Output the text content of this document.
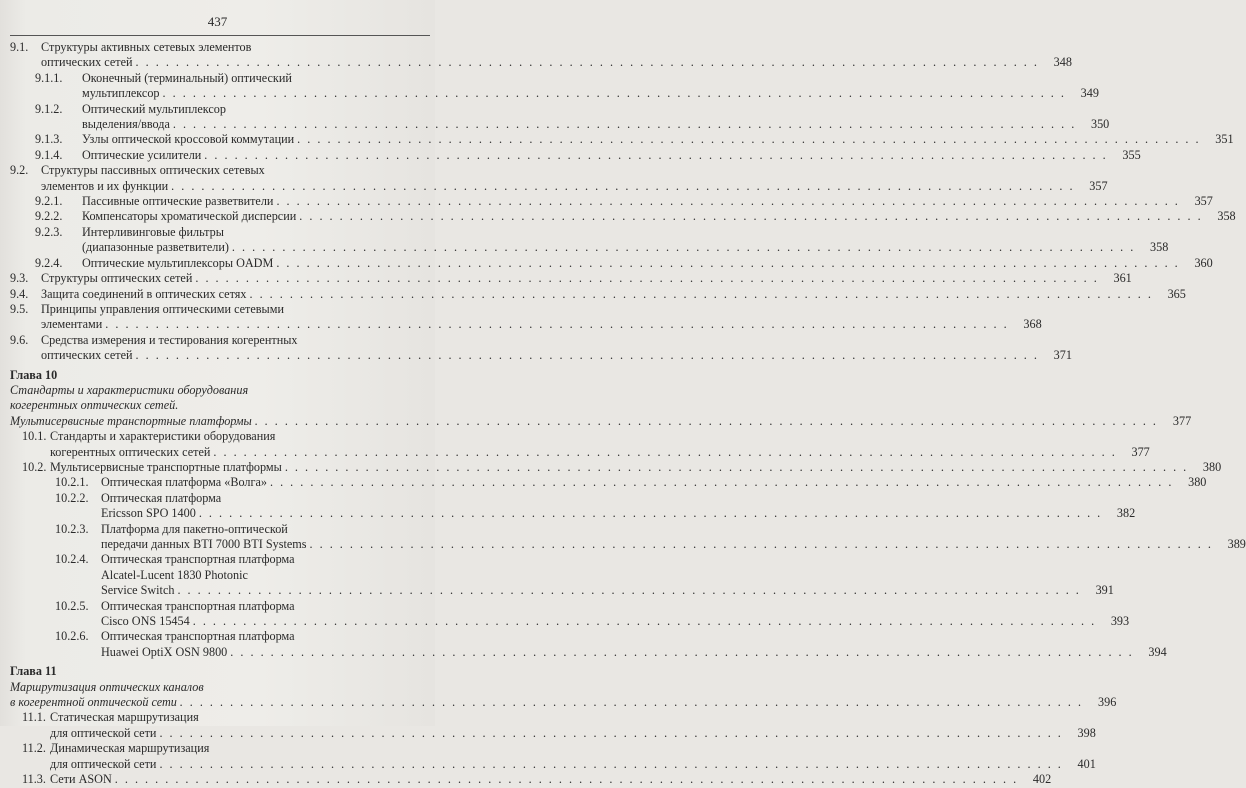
437
9.1.	Структуры активных сетевых элементов
оптических сетей . . .	348
9.1.1.	Оконечный (терминальный) оптический
мультиплексор . . .	349
9.1.2.	Оптический мультиплексор
выделения/ввода . . .	350
9.1.3.	Узлы оптической кроссовой коммутации . . .	351
9.1.4.	Оптические усилители . . .	355
9.2.	Структуры пассивных оптических сетевых
элементов и их функции . . .	357
9.2.1.	Пассивные оптические разветвители . . .	357
9.2.2.	Компенсаторы хроматической дисперсии . . .	358
9.2.3.	Интерливинговые фильтры
(диапазонные разветвители) . . .	358
9.2.4.	Оптические мультиплексоры OADM . . .	360
9.3.	Структуры оптических сетей . . .	361
9.4.	Защита соединений в оптических сетях . . .	365
9.5.	Принципы управления оптическими сетевыми
элементами . . .	368
9.6.	Средства измерения и тестирования когерентных
оптических сетей . . .	371
Глава 10
Стандарты и характеристики оборудования
когерентных оптических сетей.
Мультисервисные транспортные платформы . . .	377
10.1. Стандарты и характеристики оборудования
когерентных оптических сетей . . .	377
10.2. Мультисервисные транспортные платформы . . .	380
10.2.1.	Оптическая платформа «Волга» . . .	380
10.2.2.	Оптическая платформа
Ericsson SPO 1400 . . .	382
10.2.3.	Платформа для пакетно-оптической
передачи данных BTI 7000 BTI Systems . . .	389
10.2.4.	Оптическая транспортная платформа
Alcatel-Lucent 1830 Photonic
Service Switch . . .	391
10.2.5.	Оптическая транспортная платформа
Cisco ONS 15454 . . .	393
10.2.6.	Оптическая транспортная платформа
Huawei OptiX OSN 9800 . . .	394
Глава 11
Маршрутизация оптических каналов
в когерентной оптической сети . . .	396
11.1. Статическая маршрутизация
для оптической сети . . .	398
11.2. Динамическая маршрутизация
для оптической сети . . .	401
11.3. Сети ASON . . .	402
